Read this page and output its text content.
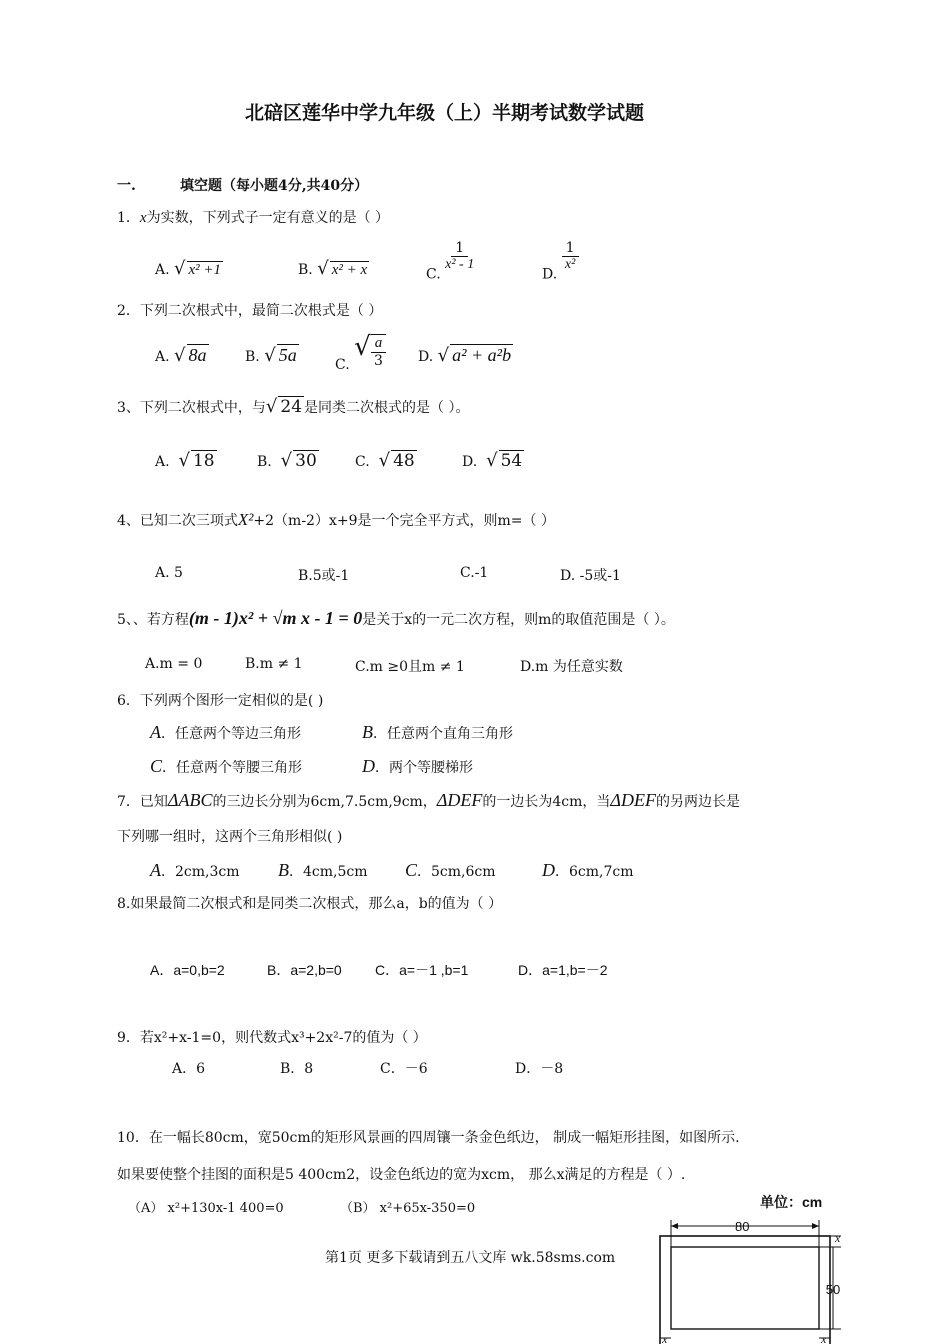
北碚区莲华中学九年级（上）半期考试数学试题
一.	填空题（每小题4分,共40分）
1．x为实数，下列式子一定有意义的是（ ）
A. √ x² +1	B. √ x² + x	C.
$\frac{1}{\text{x² - 1}}$
D.
$\frac{1}{\text{x²}}$
2．下列二次根式中，最简二次根式是（ ）
A. √ 8a	B. √ 5a	C. √ $\frac{a}{3} D$. √ a² + a²b
3、下列二次根式中，与√ 24 是同类二次根式的是（ ）。
A. √ 18	B. √ 30	C. √ 48	D. √ 54
4、已知二次三项式X²+2（m-2）x+9是一个完全平方式，则m=（ ）
A. 5	B.5或-1	C.-1	D. -5或-1
5、、若方程(m - 1)x² + √m x - 1 = 0是关于x的一元二次方程，则m的取值范围是（ ）。
A.m = 0	B.m ≠ 1	C.m ≥0且m ≠ 1	D.m 为任意实数
6．下列两个图形一定相似的是( )
A．任意两个等边三角形	B．任意两个直角三角形
C．任意两个等腰三角形	D．两个等腰梯形
7．已知ΔABC的三边长分别为6cm,7.5cm,9cm，ΔDEF的一边长为4cm，当ΔDEF的另两边长是
下列哪一组时，这两个三角形相似( )
A．2cm,3cm B．4cm,5cm C．5cm,6cm	D．6cm,7cm
8.如果最简二次根式和是同类二次根式，那么a，b的值为（ ）
A．a=0,b=2	B．a=2,b=0 C．a=－1 ,b=1	D．a=1,b=－2
9．若x²+x-1=0，则代数式x³+2x²-7的值为（ ）
A．6	B．8	C．－6	D．－8
10．在一幅长80cm，宽50cm的矩形风景画的四周镶一条金色纸边， 制成一幅矩形挂图，如图所示.
如果要使整个挂图的面积是5 400cm2，设金色纸边的宽为xcm， 那么x满足的方程是（ ）.
（A） x²+130x-1 400=0	（B） x²+65x-350=0	单位：cm
80
50
x
x	x
第1页 更多下载请到五八文库 wk.58sms.com
